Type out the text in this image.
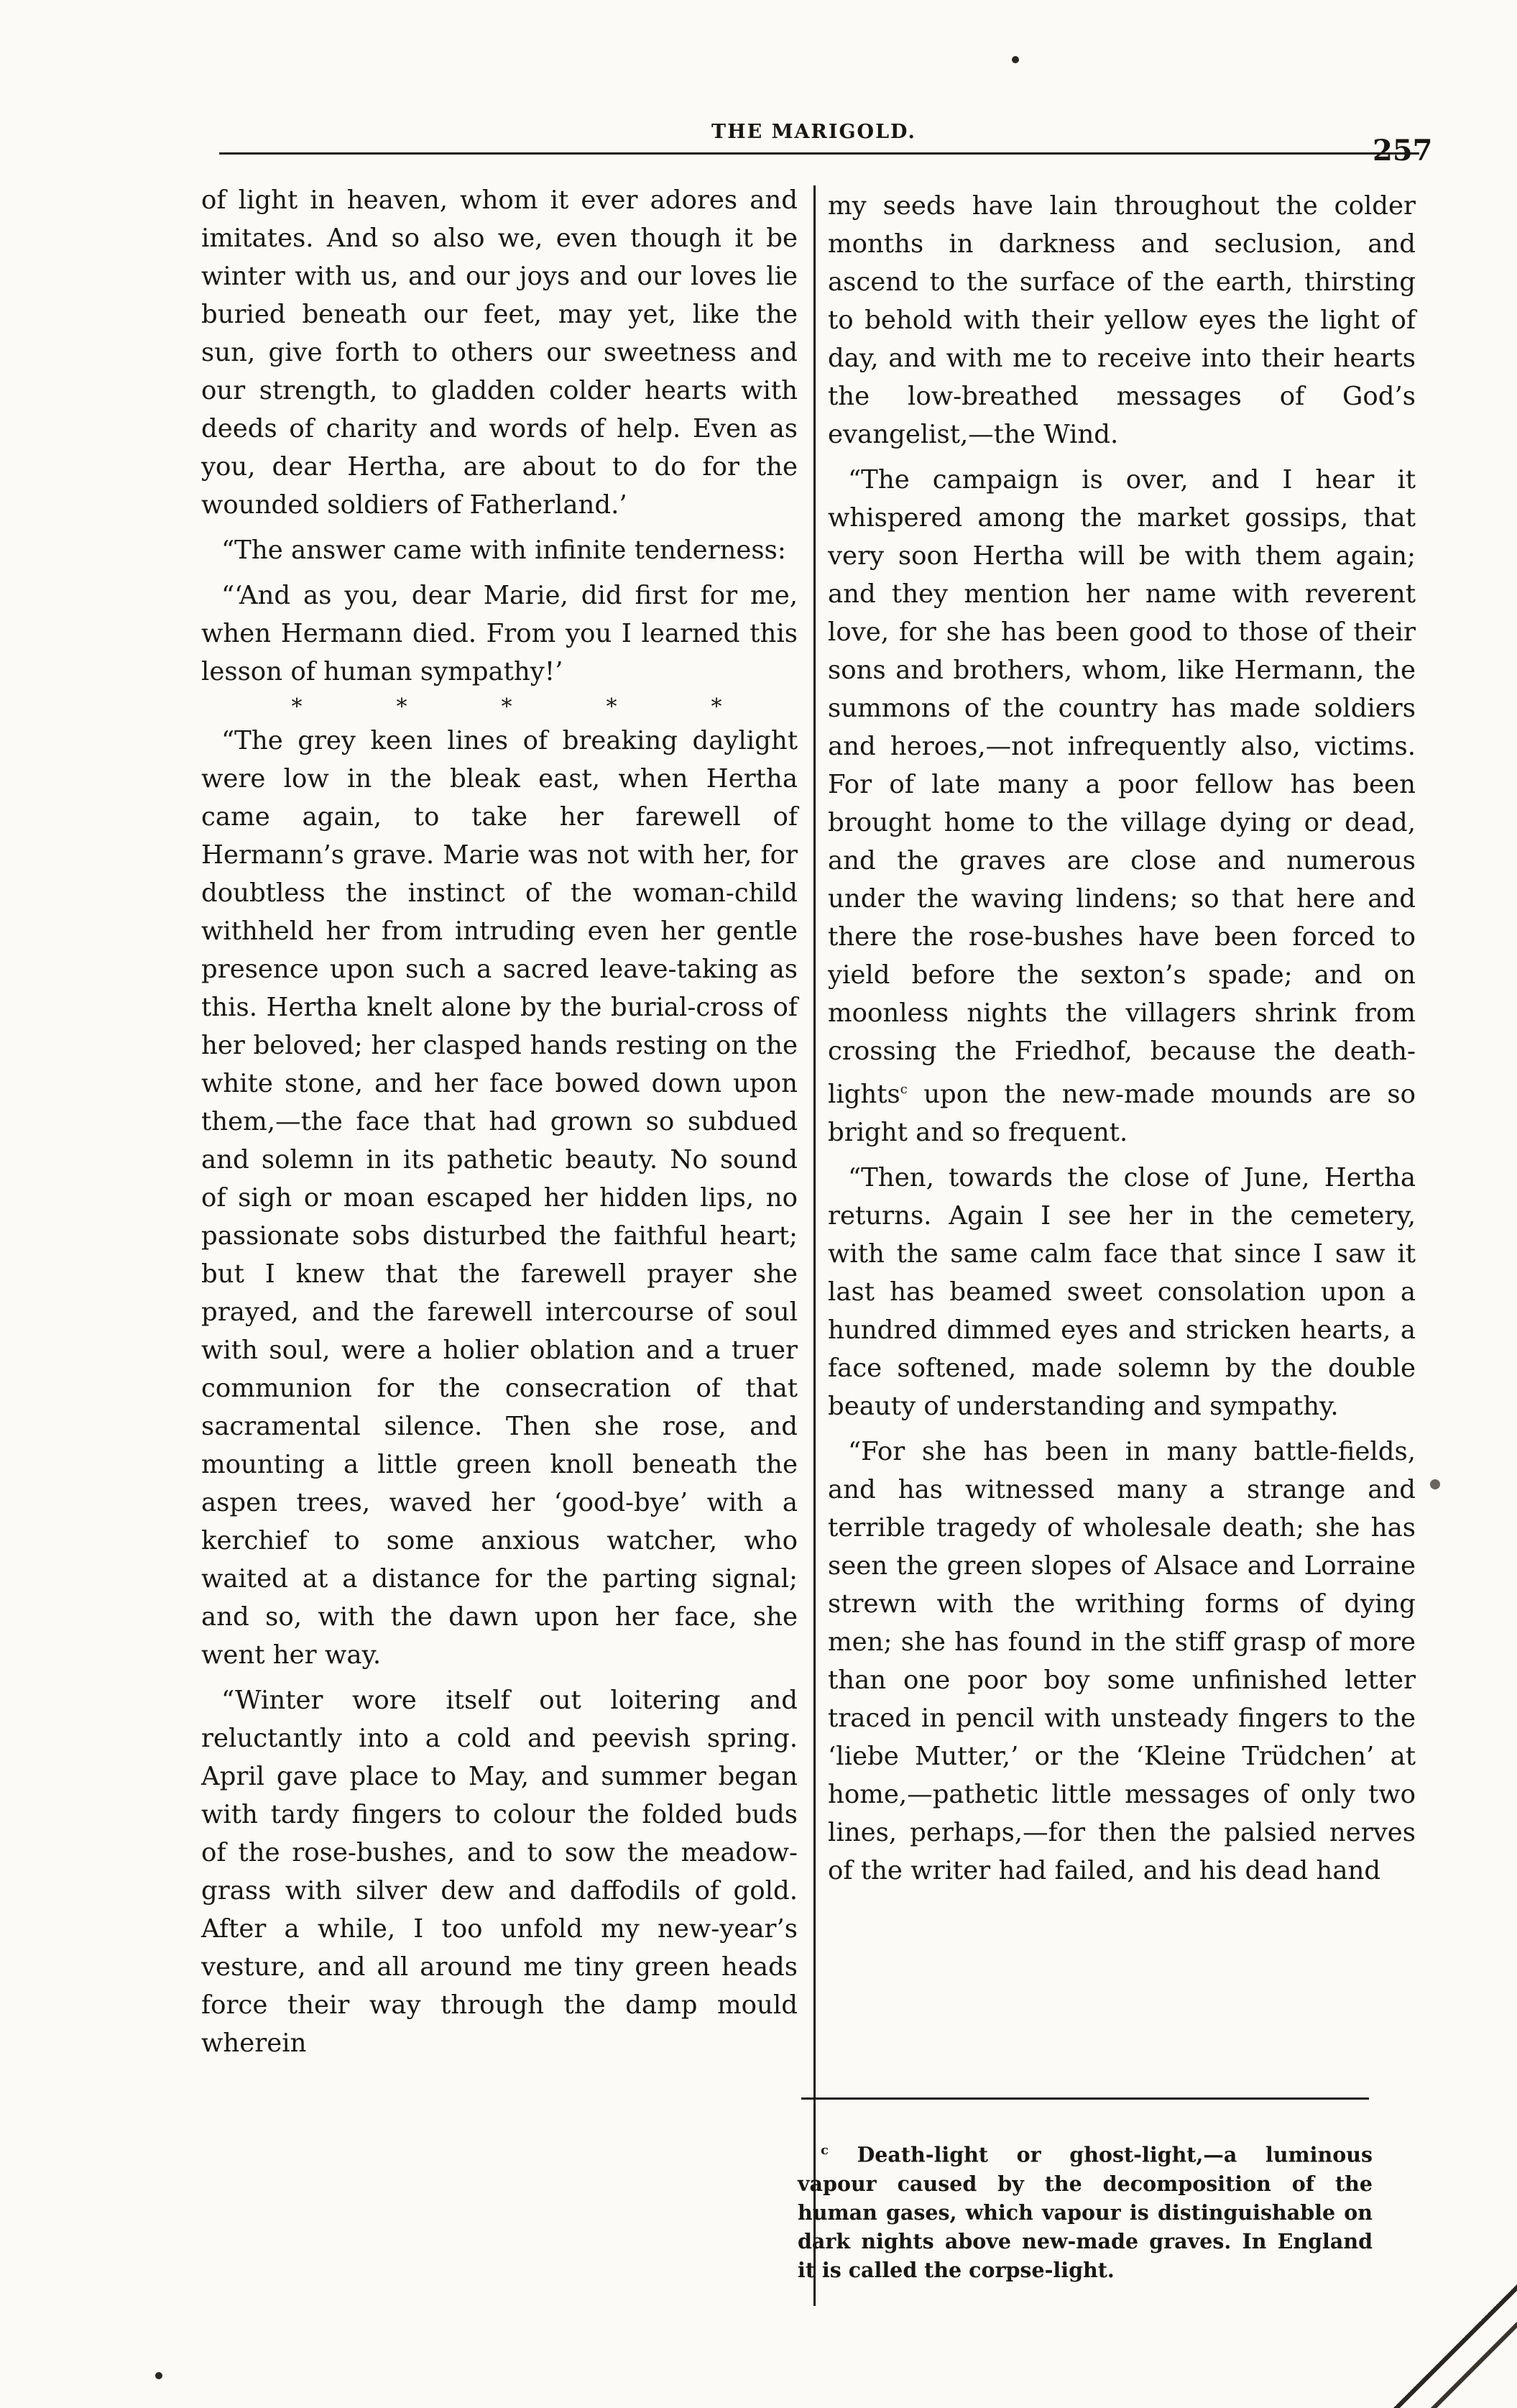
THE MARIGOLD.
257

of light in heaven, whom it ever adores and imitates. And so also we, even though it be winter with us, and our joys and our loves lie buried beneath our feet, may yet, like the sun, give forth to others our sweetness and our strength, to gladden colder hearts with deeds of charity and words of help. Even as you, dear Hertha, are about to do for the wounded soldiers of Fatherland.’

“The answer came with infinite tenderness:

“‘And as you, dear Marie, did first for me, when Hermann died. From you I learned this lesson of human sympathy!’

*	*	*	*	*

“The grey keen lines of breaking daylight were low in the bleak east, when Hertha came again, to take her farewell of Hermann’s grave. Marie was not with her, for doubtless the instinct of the woman-child withheld her from intruding even her gentle presence upon such a sacred leave-taking as this. Hertha knelt alone by the burial-cross of her beloved; her clasped hands resting on the white stone, and her face bowed down upon them,—the face that had grown so subdued and solemn in its pathetic beauty. No sound of sigh or moan escaped her hidden lips, no passionate sobs disturbed the faithful heart; but I knew that the farewell prayer she prayed, and the farewell intercourse of soul with soul, were a holier oblation and a truer communion for the consecration of that sacramental silence. Then she rose, and mounting a little green knoll beneath the aspen trees, waved her ‘good-bye’ with a kerchief to some anxious watcher, who waited at a distance for the parting signal; and so, with the dawn upon her face, she went her way.

“Winter wore itself out loitering and reluctantly into a cold and peevish spring. April gave place to May, and summer began with tardy fingers to colour the folded buds of the rose-bushes, and to sow the meadow-grass with silver dew and daffodils of gold. After a while, I too unfold my new-year’s vesture, and all around me tiny green heads force their way through the damp mould wherein

my seeds have lain throughout the colder months in darkness and seclusion, and ascend to the surface of the earth, thirsting to behold with their yellow eyes the light of day, and with me to receive into their hearts the low-breathed messages of God’s evangelist,—the Wind.

“The campaign is over, and I hear it whispered among the market gossips, that very soon Hertha will be with them again; and they mention her name with reverent love, for she has been good to those of their sons and brothers, whom, like Hermann, the summons of the country has made soldiers and heroes,—not infrequently also, victims. For of late many a poor fellow has been brought home to the village dying or dead, and the graves are close and numerous under the waving lindens; so that here and there the rose-bushes have been forced to yield before the sexton’s spade; and on moonless nights the villagers shrink from crossing the Friedhof, because the death-lights$^c$ upon the new-made mounds are so bright and so frequent.

“Then, towards the close of June, Hertha returns. Again I see her in the cemetery, with the same calm face that since I saw it last has beamed sweet consolation upon a hundred dimmed eyes and stricken hearts, a face softened, made solemn by the double beauty of understanding and sympathy.

“For she has been in many battle-fields, and has witnessed many a strange and terrible tragedy of wholesale death; she has seen the green slopes of Alsace and Lorraine strewn with the writhing forms of dying men; she has found in the stiff grasp of more than one poor boy some unfinished letter traced in pencil with unsteady fingers to the ‘liebe Mutter,’ or the ‘Kleine Trüdchen’ at home,—pathetic little messages of only two lines, perhaps,—for then the palsied nerves of the writer had failed, and his dead hand

$^c$ Death-light or ghost-light,—a luminous vapour caused by the decomposition of the human gases, which vapour is distinguishable on dark nights above new-made graves. In England it is called the corpse-light.
